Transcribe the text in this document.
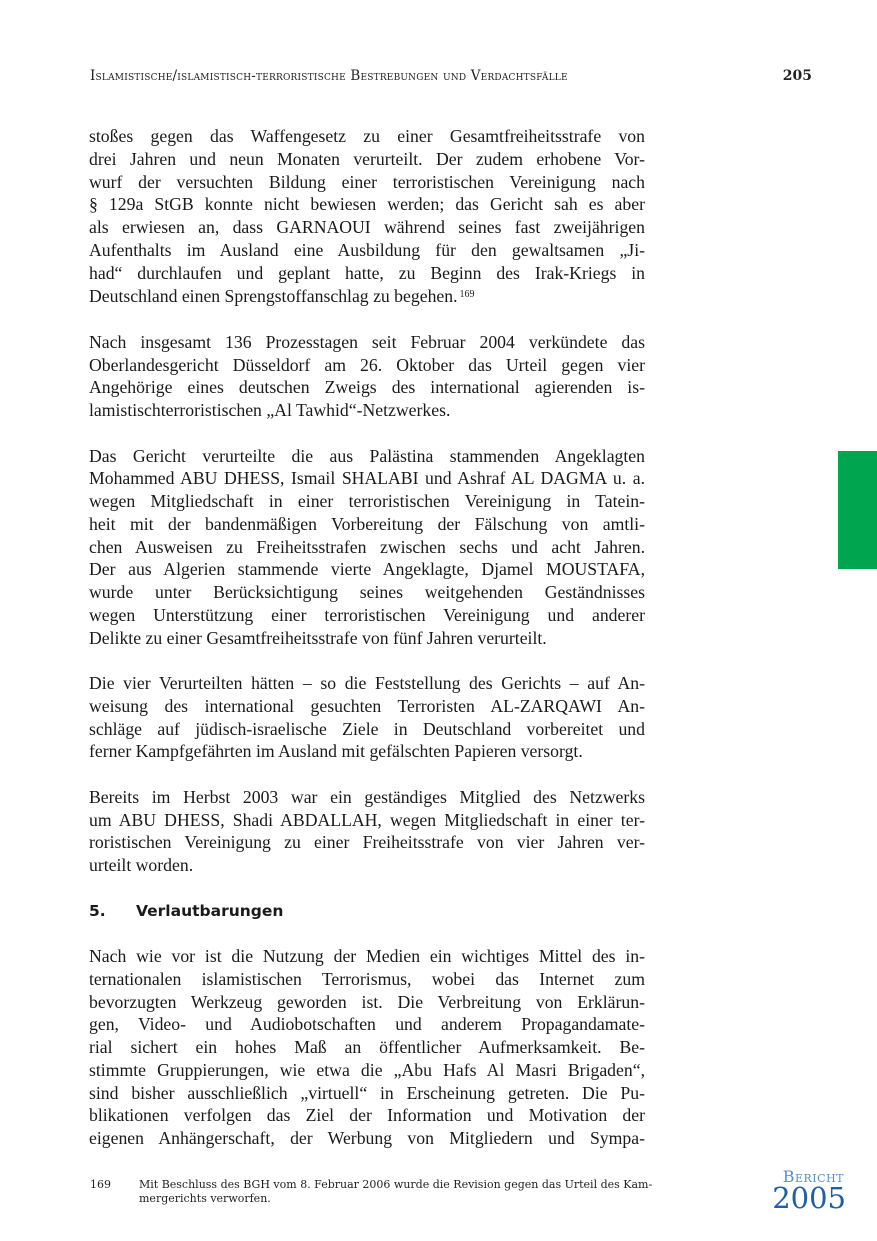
Islamistische/islamistisch-terroristische Bestrebungen und Verdachtsfälle	205
stoßes gegen das Waffengesetz zu einer Gesamtfreiheitsstrafe von
drei Jahren und neun Monaten verurteilt. Der zudem erhobene Vor-
wurf der versuchten Bildung einer terroristischen Vereinigung nach
§ 129a StGB konnte nicht bewiesen werden; das Gericht sah es aber
als erwiesen an, dass GARNAOUI während seines fast zweijährigen
Aufenthalts im Ausland eine Ausbildung für den gewaltsamen „Ji-
had“ durchlaufen und geplant hatte, zu Beginn des Irak-Kriegs in
Deutschland einen Sprengstoffanschlag zu begehen. $^{169}$
Nach insgesamt 136 Prozesstagen seit Februar 2004 verkündete das
Oberlandesgericht Düsseldorf am 26. Oktober das Urteil gegen vier
Angehörige eines deutschen Zweigs des international agierenden is-
lamistischterroristischen „Al Tawhid“-Netzwerkes.
Das Gericht verurteilte die aus Palästina stammenden Angeklagten
Mohammed ABU DHESS, Ismail SHALABI und Ashraf AL DAGMA u. a.
wegen Mitgliedschaft in einer terroristischen Vereinigung in Tatein-
heit mit der bandenmäßigen Vorbereitung der Fälschung von amtli-
chen Ausweisen zu Freiheitsstrafen zwischen sechs und acht Jahren.
Der aus Algerien stammende vierte Angeklagte, Djamel MOUSTAFA,
wurde unter Berücksichtigung seines weitgehenden Geständnisses
wegen Unterstützung einer terroristischen Vereinigung und anderer
Delikte zu einer Gesamtfreiheitsstrafe von fünf Jahren verurteilt.
Die vier Verurteilten hätten – so die Feststellung des Gerichts – auf An-
weisung des international gesuchten Terroristen AL-ZARQAWI An-
schläge auf jüdisch-israelische Ziele in Deutschland vorbereitet und
ferner Kampfgefährten im Ausland mit gefälschten Papieren versorgt.
Bereits im Herbst 2003 war ein geständiges Mitglied des Netzwerks
um ABU DHESS, Shadi ABDALLAH, wegen Mitgliedschaft in einer ter-
roristischen Vereinigung zu einer Freiheitsstrafe von vier Jahren ver-
urteilt worden.
5. Verlautbarungen
Nach wie vor ist die Nutzung der Medien ein wichtiges Mittel des in-
ternationalen islamistischen Terrorismus, wobei das Internet zum
bevorzugten Werkzeug geworden ist. Die Verbreitung von Erklärun-
gen, Video- und Audiobotschaften und anderem Propagandamate-
rial sichert ein hohes Maß an öffentlicher Aufmerksamkeit. Be-
stimmte Gruppierungen, wie etwa die „Abu Hafs Al Masri Brigaden“,
sind bisher ausschließlich „virtuell“ in Erscheinung getreten. Die Pu-
blikationen verfolgen das Ziel der Information und Motivation der
eigenen Anhängerschaft, der Werbung von Mitgliedern und Sympa-
169	Mit Beschluss des BGH vom 8. Februar 2006 wurde die Revision gegen das Urteil des Kam-
mergerichts verworfen.
Bericht
2005
